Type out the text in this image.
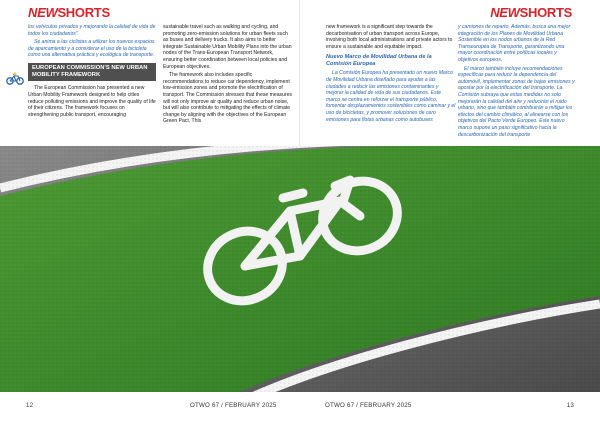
NEWSHORTS	NEWSHORTS

los vehículos privados y mejorando la calidad de vida de todos los ciudadanos".

Se anima a las ciclistas a utilizar los nuevos espacios de aparcamiento y a considerar el uso de la bicicleta como una alternativa práctica y ecológica de transporte.

EUROPEAN COMMISSION'S NEW URBAN MOBILITY FRAMEWORK

The European Commission has presented a new Urban Mobility Framework designed to help cities reduce polluting emissions and improve the quality of life of their citizens. The framework focuses on strengthening public transport, encouraging

sustainable travel such as walking and cycling, and promoting zero-emission solutions for urban fleets such as buses and delivery trucks. It also aims to better integrate Sustainable Urban Mobility Plans into the urban nodes of the Trans-European Transport Network, ensuring better coordination between local policies and European objectives.

The framework also includes specific recommendations to reduce car dependency, implement low-emission zones and promote the electrification of transport. The Commission stresses that these measures will not only improve air quality and reduce urban noise, but will also contribute to mitigating the effects of climate change by aligning with the objectives of the European Green Pact. This

new framework is a significant step towards the decarbonisation of urban transport across Europe, involving both local administrations and private actors to ensure a sustainable and equitable impact.

Nuevo Marco de Movilidad Urbana de la Comisión Europea

La Comisión Europea ha presentado un nuevo Marco de Movilidad Urbana diseñado para ayudar a las ciudades a reducir las emisiones contaminantes y mejorar la calidad de vida de sus ciudadanos. Este marco se centra en reforzar el transporte público, fomentar desplazamientos sostenibles como caminar y el uso de bicicletas, y promover soluciones de cero emisiones para flotas urbanas como autobuses

y camiones de reparto. Además, busca una mejor integración de los Planes de Movilidad Urbana Sostenible en los nodos urbanos de la Red Transeuropea de Transporte, garantizando una mayor coordinación entre políticas locales y objetivos europeos.

El marco también incluye recomendaciones específicas para reducir la dependencia del automóvil, implementar zonas de bajas emisiones y apostar por la electrificación del transporte. La Comisión subraya que estas medidas no solo mejorarán la calidad del aire y reducirán el ruido urbano, sino que también contribuirán a mitigar los efectos del cambio climático, al alinearse con los objetivos del Pacto Verde Europeo. Este nuevo marco supone un paso significativo hacia la descarbonización del transporte

12	OTWO 67 / FEBRUARY 2025	OTWO 67 / FEBRUARY 2025	13
